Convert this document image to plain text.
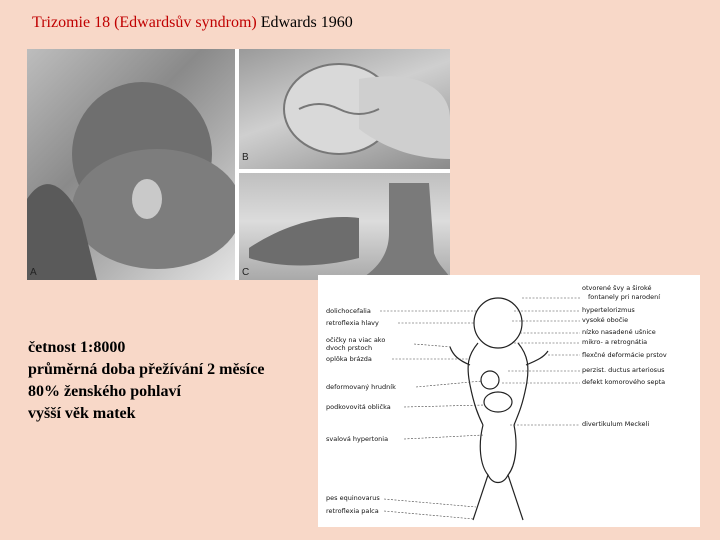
Trizomie 18 (Edwardsův syndrom) Edwards 1960
A
B
C
četnost 1:8000
průměrná doba přežívání 2 měsíce
80% ženského pohlaví
vyšší věk matek
dolichocefalia
retroflexia hlavy
očičky na viac ako
dvoch prstoch
oplôka brázda
deformovaný hrudník
podkovovitá oblička
svalová hypertonia
pes equinovarus
retroflexia palca
otvorené švy a široké
fontanely pri narodení
hypertelorizmus
vysoké obočie
nízko nasadené ušnice
mikro- a retrognátia
flexčné deformácie prstov
perzist. ductus arteriosus
defekt komorového septa
divertikulum Meckeli
